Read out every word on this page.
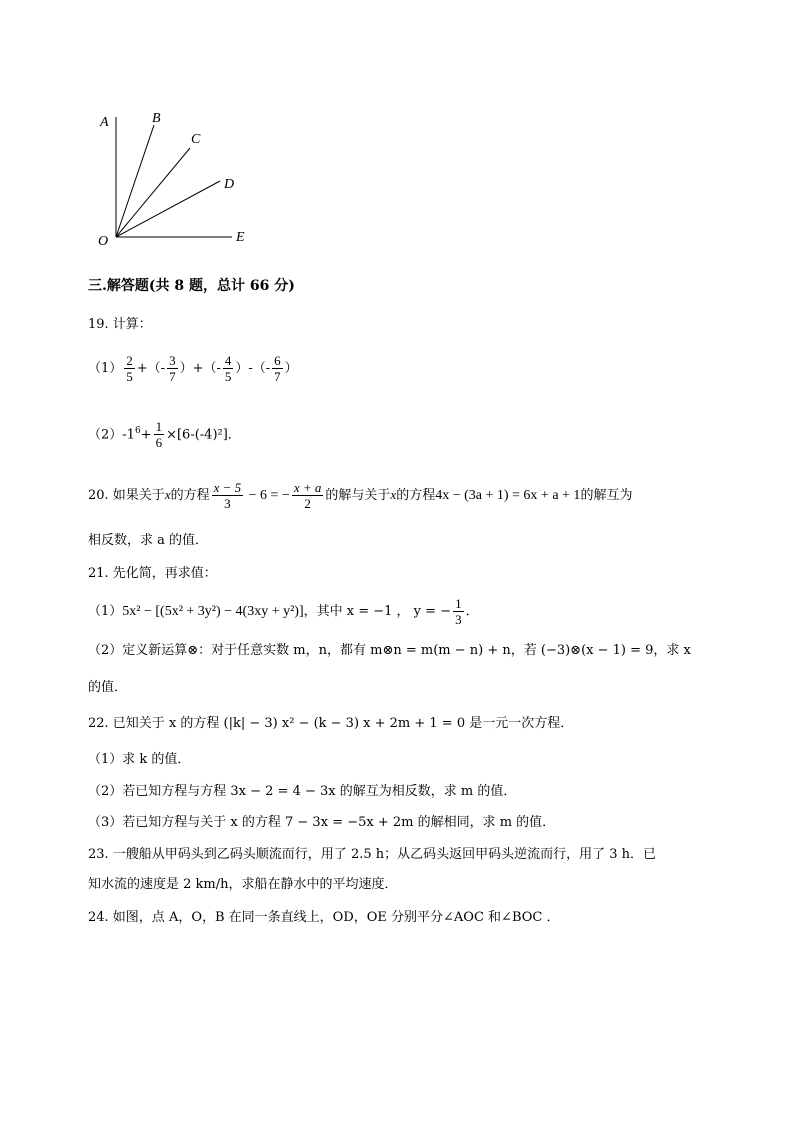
A	B
C
D
E
O
三.解答题(共 8 题，总计 66 分)
19. 计算：
$(1) \frac{2}{5}$ +（- $\frac{3}{7}$ ）+（- $\frac{4}{5}$ ）-（- $\frac{6}{7}$ ）
$(2)-1^6+ \frac{1}{6} \times[6-(-4)^2]$．
20. 如果关于x的方程 $\frac{x - 5}{3} - 6$ = − $\frac{x + a}{2}$ 的解与关于x的方程4x − (3a + 1) = 6x + a + 1的解互为
相反数，求 a 的值．
21. 先化简，再求值：
（1）5x² − [(5x² + 3y²) − 4(3xy + y²)]，其中 x = −1 ， y = − $\frac{1}{3}$ ．
（2）定义新运算⊗：对于任意实数 m，n，都有 m⊗n = m(m − n) + n，若 (−3)⊗(x − 1) = 9，求 x
的值．
22. 已知关于 x 的方程 (|k| − 3) x² − (k − 3) x + 2m + 1 = 0 是一元一次方程．
（1）求 k 的值．
（2）若已知方程与方程 3x − 2 = 4 − 3x 的解互为相反数，求 m 的值．
（3）若已知方程与关于 x 的方程 7 − 3x = −5x + 2m 的解相同，求 m 的值．
23. 一艘船从甲码头到乙码头顺流而行，用了 2.5 h；从乙码头返回甲码头逆流而行，用了 3 h．已
知水流的速度是 2 km/h，求船在静水中的平均速度．
24. 如图，点 A，O，B 在同一条直线上，OD，OE 分别平分∠AOC 和∠BOC ．
